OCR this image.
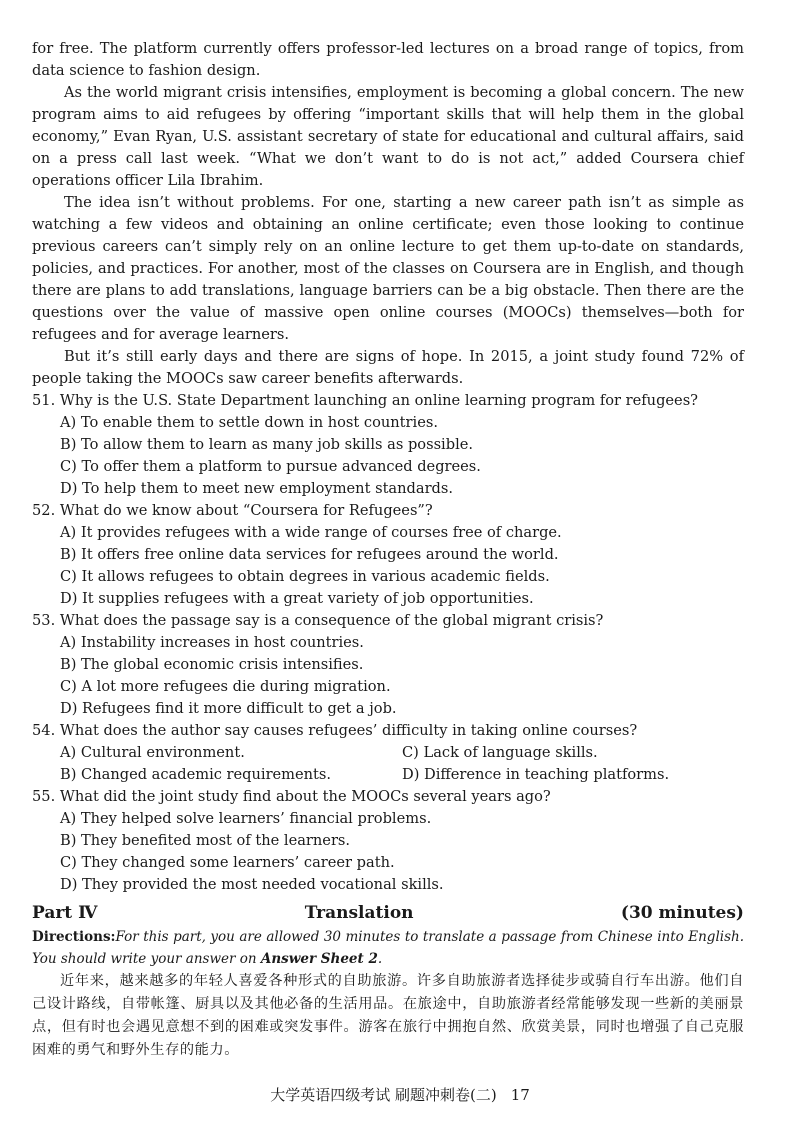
for free. The platform currently offers professor-led lectures on a broad range of topics, from data science to fashion design.

As the world migrant crisis intensifies, employment is becoming a global concern. The new program aims to aid refugees by offering “important skills that will help them in the global economy,” Evan Ryan, U.S. assistant secretary of state for educational and cultural affairs, said on a press call last week. “What we don’t want to do is not act,” added Coursera chief operations officer Lila Ibrahim.

The idea isn’t without problems. For one, starting a new career path isn’t as simple as watching a few videos and obtaining an online certificate; even those looking to continue previous careers can’t simply rely on an online lecture to get them up-to-date on standards, policies, and practices. For another, most of the classes on Coursera are in English, and though there are plans to add translations, language barriers can be a big obstacle. Then there are the questions over the value of massive open online courses (MOOCs) themselves—both for refugees and for average learners.

But it’s still early days and there are signs of hope. In 2015, a joint study found 72% of people taking the MOOCs saw career benefits afterwards.

51. Why is the U.S. State Department launching an online learning program for refugees?

A) To enable them to settle down in host countries.

B) To allow them to learn as many job skills as possible.

C) To offer them a platform to pursue advanced degrees.

D) To help them to meet new employment standards.

52. What do we know about “Coursera for Refugees”?

A) It provides refugees with a wide range of courses free of charge.

B) It offers free online data services for refugees around the world.

C) It allows refugees to obtain degrees in various academic fields.

D) It supplies refugees with a great variety of job opportunities.

53. What does the passage say is a consequence of the global migrant crisis?

A) Instability increases in host countries.

B) The global economic crisis intensifies.

C) A lot more refugees die during migration.

D) Refugees find it more difficult to get a job.

54. What does the author say causes refugees’ difficulty in taking online courses?

A) Cultural environment.	C) Lack of language skills.
B) Changed academic requirements.	D) Difference in teaching platforms.

55. What did the joint study find about the MOOCs several years ago?

A) They helped solve learners’ financial problems.

B) They benefited most of the learners.

C) They changed some learners’ career path.

D) They provided the most needed vocational skills.

Part Ⅳ	Translation	(30 minutes)

Directions:For this part, you are allowed 30 minutes to translate a passage from Chinese into English. You should write your answer on Answer Sheet 2.

近年来，越来越多的年轻人喜爱各种形式的自助旅游。许多自助旅游者选择徒步或骑自行车出游。他们自己设计路线，自带帐篷、厨具以及其他必备的生活用品。在旅途中，自助旅游者经常能够发现一些新的美丽景点，但有时也会遇见意想不到的困难或突发事件。游客在旅行中拥抱自然、欣赏美景，同时也增强了自己克服困难的勇气和野外生存的能力。

大学英语四级考试 刷题冲刺卷(二) 17
